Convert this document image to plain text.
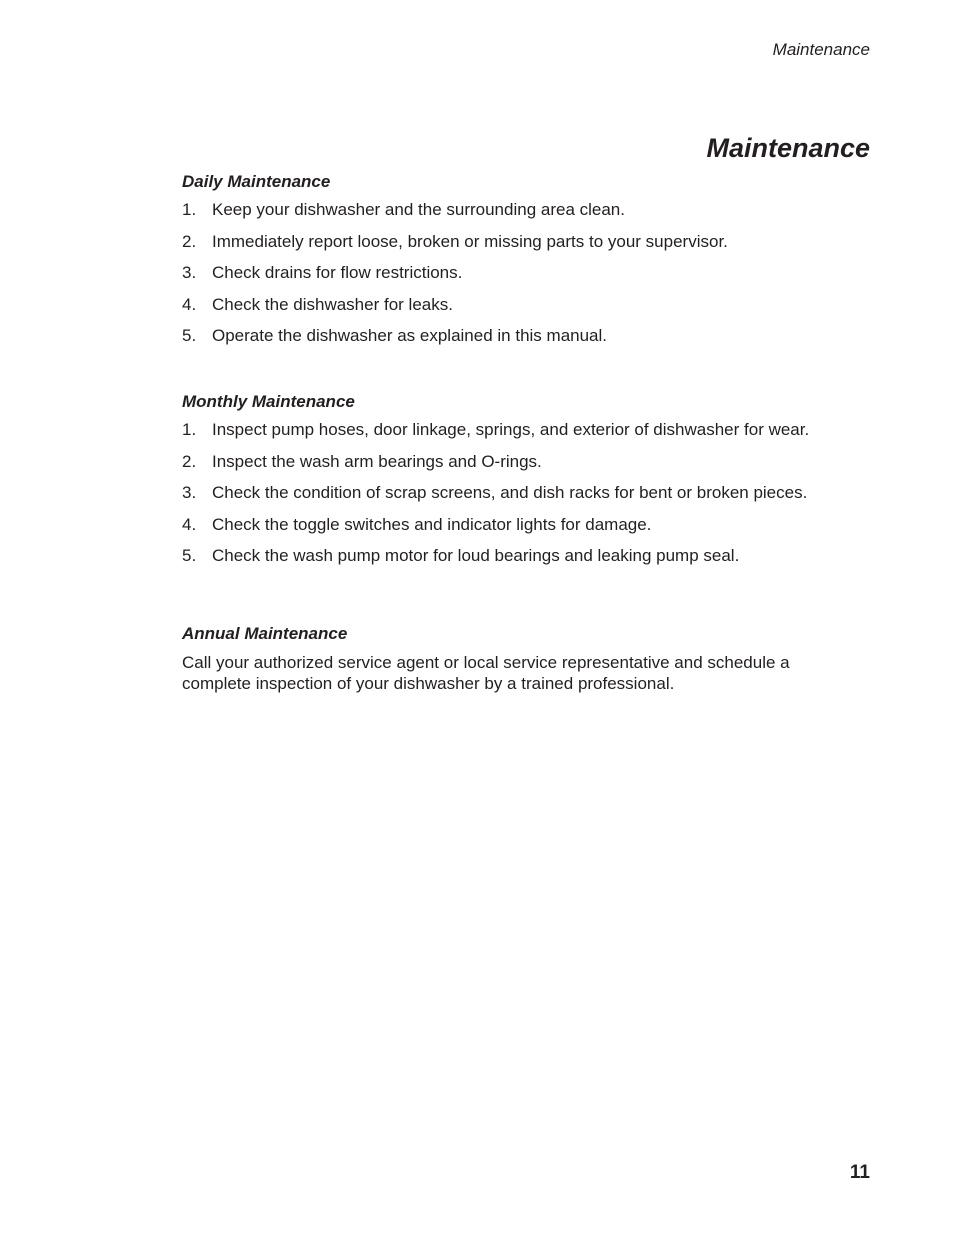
Maintenance
Maintenance
Daily Maintenance
1. Keep your dishwasher and the surrounding area clean.
2. Immediately report loose, broken or missing parts to your supervisor.
3. Check drains for flow restrictions.
4. Check the dishwasher for leaks.
5. Operate the dishwasher as explained in this manual.
Monthly Maintenance
1. Inspect pump hoses, door linkage, springs, and exterior of dishwasher for wear.
2. Inspect the wash arm bearings and O-rings.
3. Check the condition of scrap screens, and dish racks for bent or broken pieces.
4. Check the toggle switches and indicator lights for damage.
5. Check the wash pump motor for loud bearings and leaking pump seal.
Annual Maintenance

Call your authorized service agent or local service representative and schedule a complete inspection of your dishwasher by a trained professional.

11
